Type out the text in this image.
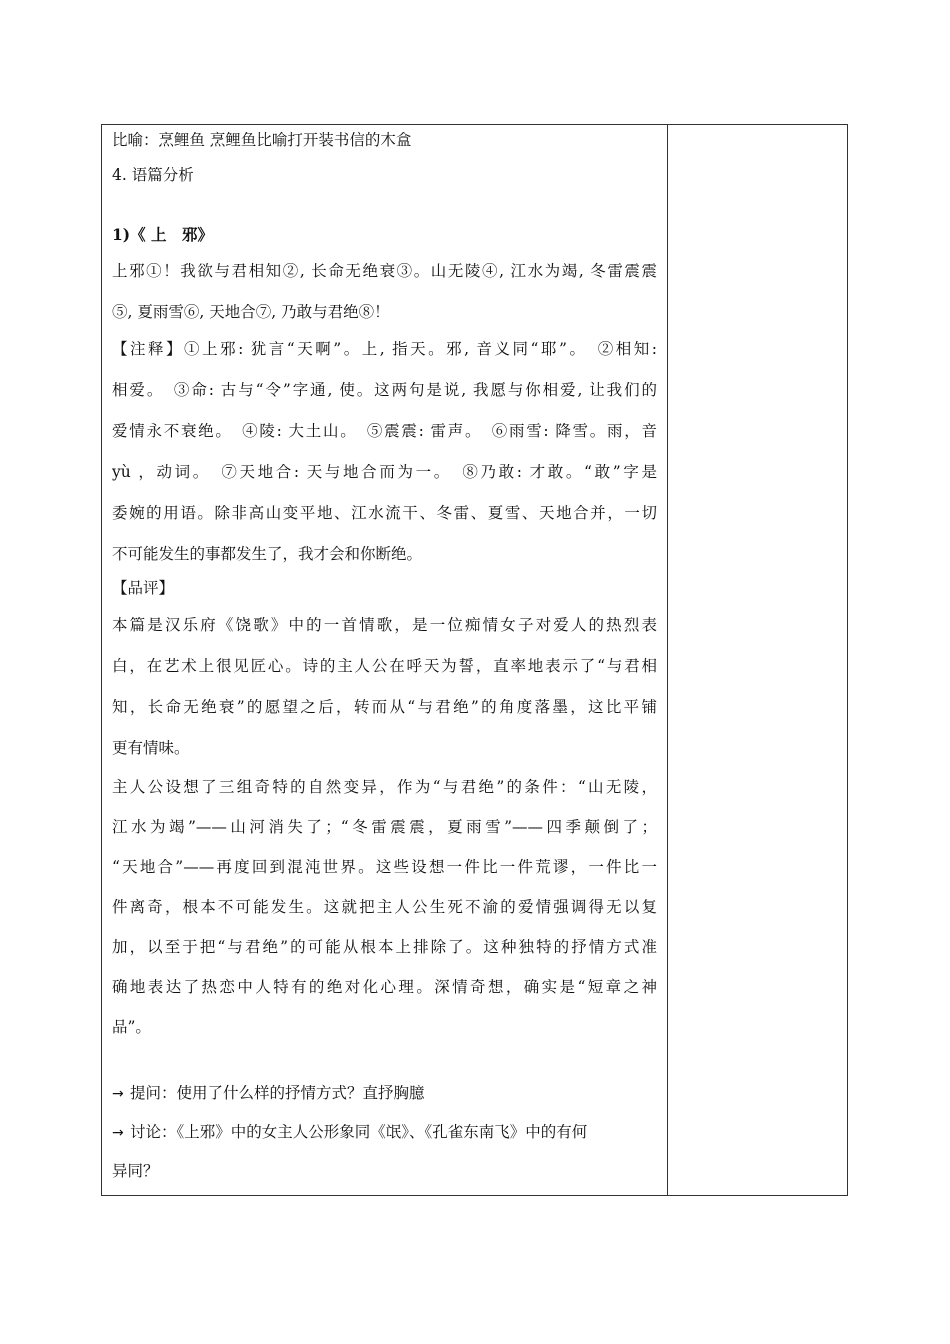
比喻：烹鲤鱼 烹鲤鱼比喻打开装书信的木盒
4. 语篇分析
1)《 上　邪》
上邪①！我欲与君相知②, 长命无绝衰③。山无陵④, 江水为竭, 冬雷震震
⑤, 夏雨雪⑥, 天地合⑦, 乃敢与君绝⑧！
【注释】①上邪: 犹言“天啊”。上, 指天。邪, 音义同“耶”。　②相知:
相爱。　③命: 古与“令”字通, 使。这两句是说, 我愿与你相爱, 让我们的
爱情永不衰绝。　④陵: 大土山。　⑤震震: 雷声。　⑥雨雪: 降雪。雨，音
yù ，动词。　⑦天地合: 天与地合而为一。　⑧乃敢: 才敢。“敢”字是
委婉的用语。除非高山变平地、江水流干、冬雷、夏雪、天地合并，一切
不可能发生的事都发生了，我才会和你断绝。
【品评】
本篇是汉乐府《饶歌》中的一首情歌，是一位痴情女子对爱人的热烈表
白，在艺术上很见匠心。诗的主人公在呼天为誓，直率地表示了“与君相
知，长命无绝衰”的愿望之后，转而从“与君绝”的角度落墨，这比平铺
更有情味。
主人公设想了三组奇特的自然变异，作为“与君绝”的条件：“山无陵，
江水为竭”——山河消失了；“冬雷震震，夏雨雪”——四季颠倒了；
“天地合”——再度回到混沌世界。这些设想一件比一件荒谬，一件比一
件离奇，根本不可能发生。这就把主人公生死不渝的爱情强调得无以复
加，以至于把“与君绝”的可能从根本上排除了。这种独特的抒情方式准
确地表达了热恋中人特有的绝对化心理。深情奇想，确实是“短章之神
品”。
→ 提问：使用了什么样的抒情方式？直抒胸臆
→ 讨论：《上邪》中的女主人公形象同《氓》、《孔雀东南飞》中的有何
异同？
